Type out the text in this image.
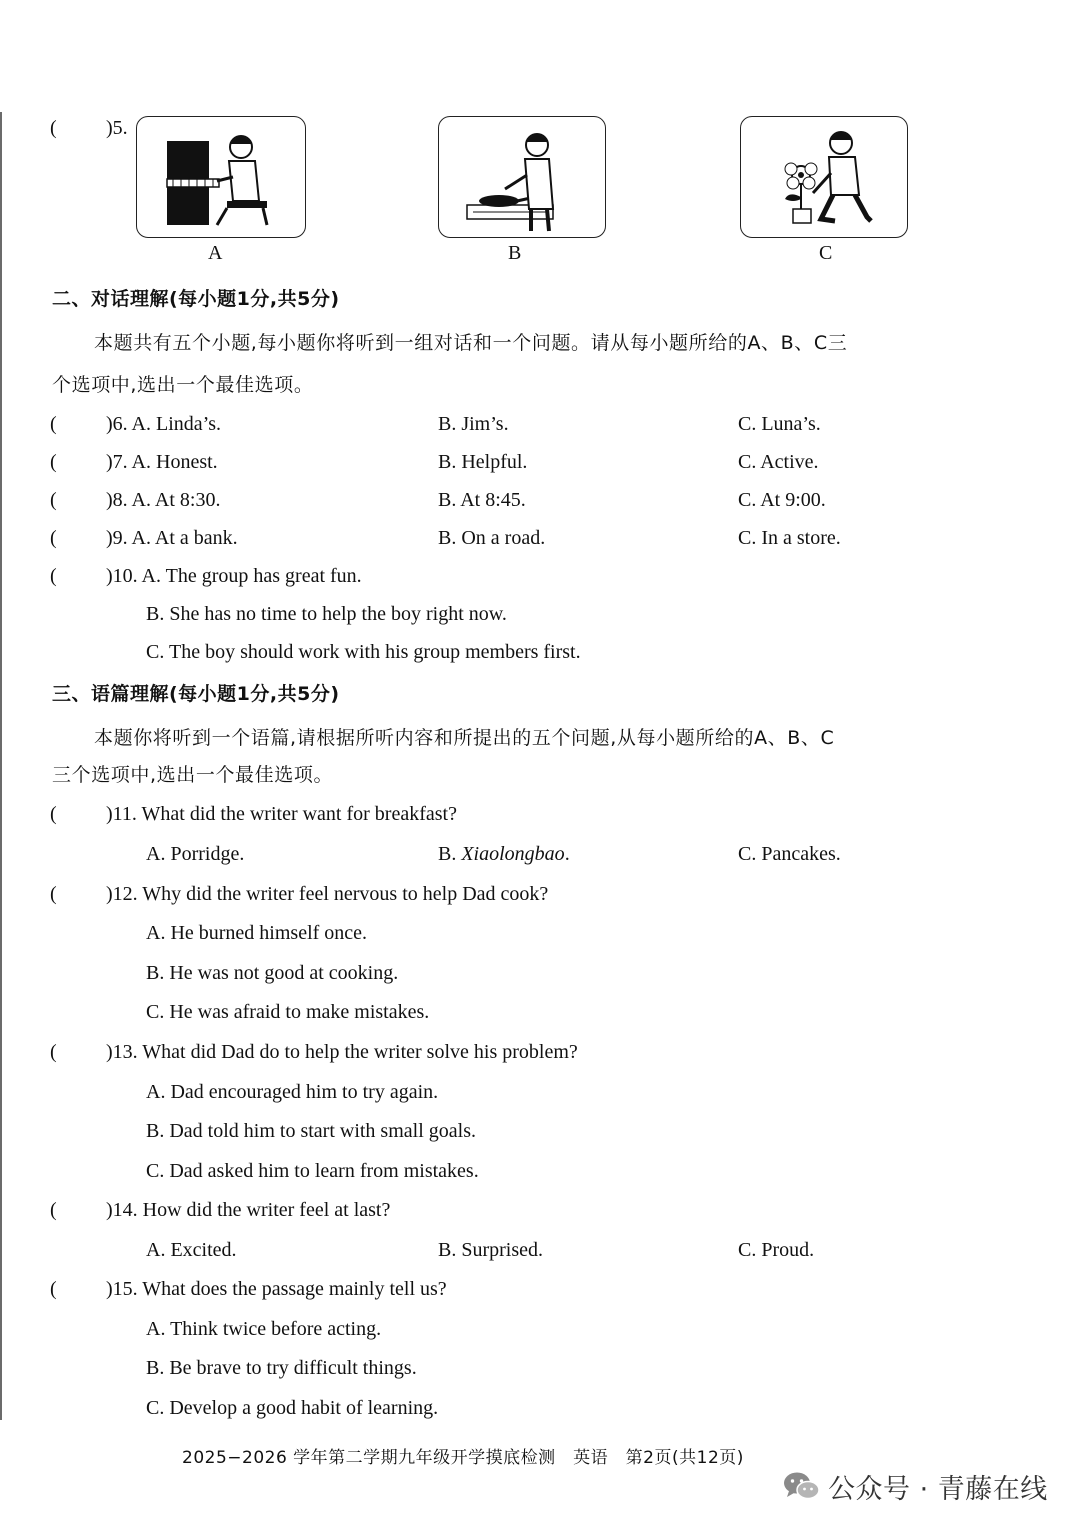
( )5.
A	B	C
二、对话理解(每小题1分,共5分)
本题共有五个小题,每小题你将听到一组对话和一个问题。请从每小题所给的A、B、C三
个选项中,选出一个最佳选项。
( )6. A. Linda’s.	B. Jim’s.	C. Luna’s.
( )7. A. Honest.	B. Helpful.	C. Active.
( )8. A. At 8:30.	B. At 8:45.	C. At 9:00.
( )9. A. At a bank.	B. On a road.	C. In a store.
( )10. A. The group has great fun.
B. She has no time to help the boy right now.
C. The boy should work with his group members first.
三、语篇理解(每小题1分,共5分)
本题你将听到一个语篇,请根据所听内容和所提出的五个问题,从每小题所给的A、B、C
三个选项中,选出一个最佳选项。
( )11. What did the writer want for breakfast?
A. Porridge.	B. Xiaolongbao.	C. Pancakes.
( )12. Why did the writer feel nervous to help Dad cook?
A. He burned himself once.
B. He was not good at cooking.
C. He was afraid to make mistakes.
( )13. What did Dad do to help the writer solve his problem?
A. Dad encouraged him to try again.
B. Dad told him to start with small goals.
C. Dad asked him to learn from mistakes.
( )14. How did the writer feel at last?
A. Excited.	B. Surprised.	C. Proud.
( )15. What does the passage mainly tell us?
A. Think twice before acting.
B. Be brave to try difficult things.
C. Develop a good habit of learning.
2025−2026 学年第二学期九年级开学摸底检测　英语　第2页(共12页)
公众号 · 青藤在线
